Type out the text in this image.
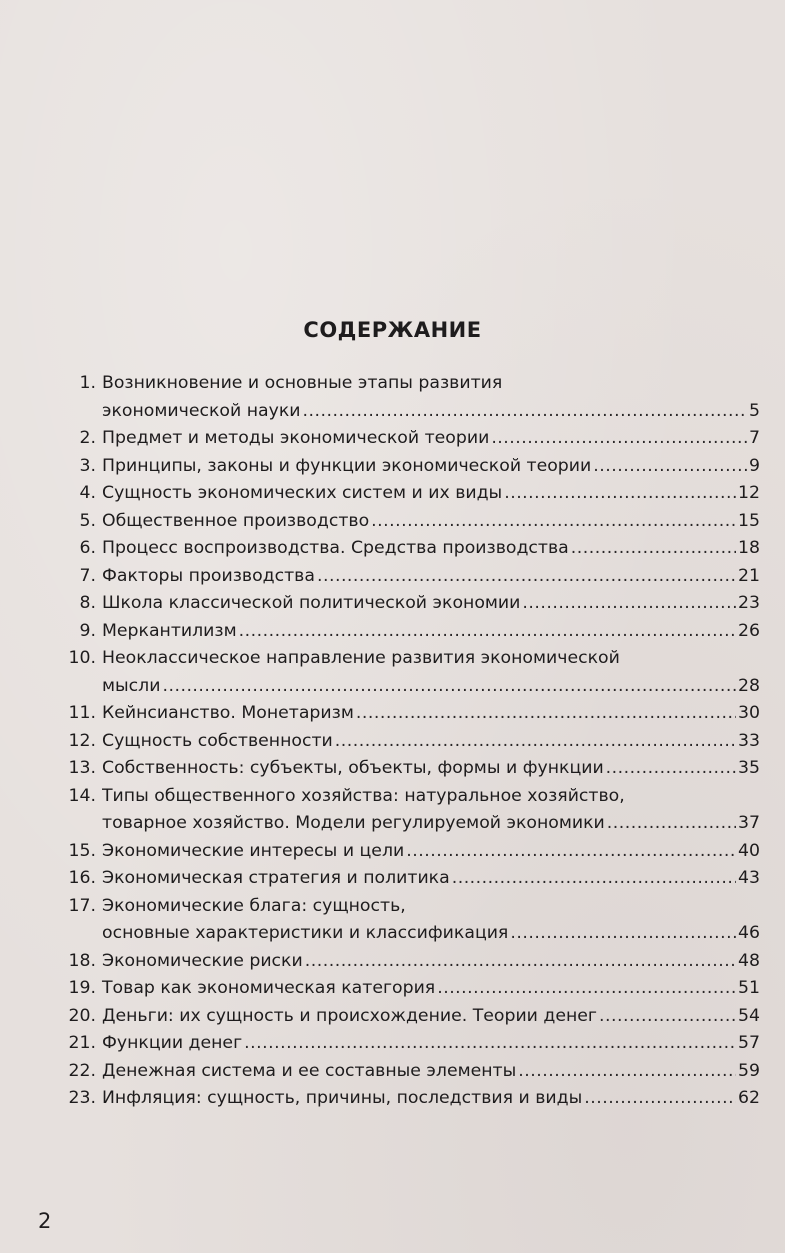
СОДЕРЖАНИЕ
1. Возникновение и основные этапы развития
экономической науки .....	5
2. Предмет и методы экономической теории .....	7
3. Принципы, законы и функции экономической теории .....	9
4. Сущность экономических систем и их виды .....	12
5. Общественное производство .....	15
6. Процесс воспроизводства. Средства производства .....	18
7. Факторы производства .....	21
8. Школа классической политической экономии .....	23
9. Меркантилизм .....	26
10. Неоклассическое направление развития экономической
мысли .....	28
11. Кейнсианство. Монетаризм .....	30
12. Сущность собственности .....	33
13. Собственность: субъекты, объекты, формы и функции .....	35
14. Типы общественного хозяйства: натуральное хозяйство,
товарное хозяйство. Модели регулируемой экономики .....	37
15. Экономические интересы и цели .....	40
16. Экономическая стратегия и политика .....	43
17. Экономические блага: сущность,
основные характеристики и классификация .....	46
18. Экономические риски .....	48
19. Товар как экономическая категория .....	51
20. Деньги: их сущность и происхождение. Теории денег .....	54
21. Функции денег .....	57
22. Денежная система и ее составные элементы .....	59
23. Инфляция: сущность, причины, последствия и виды .....	62
2
